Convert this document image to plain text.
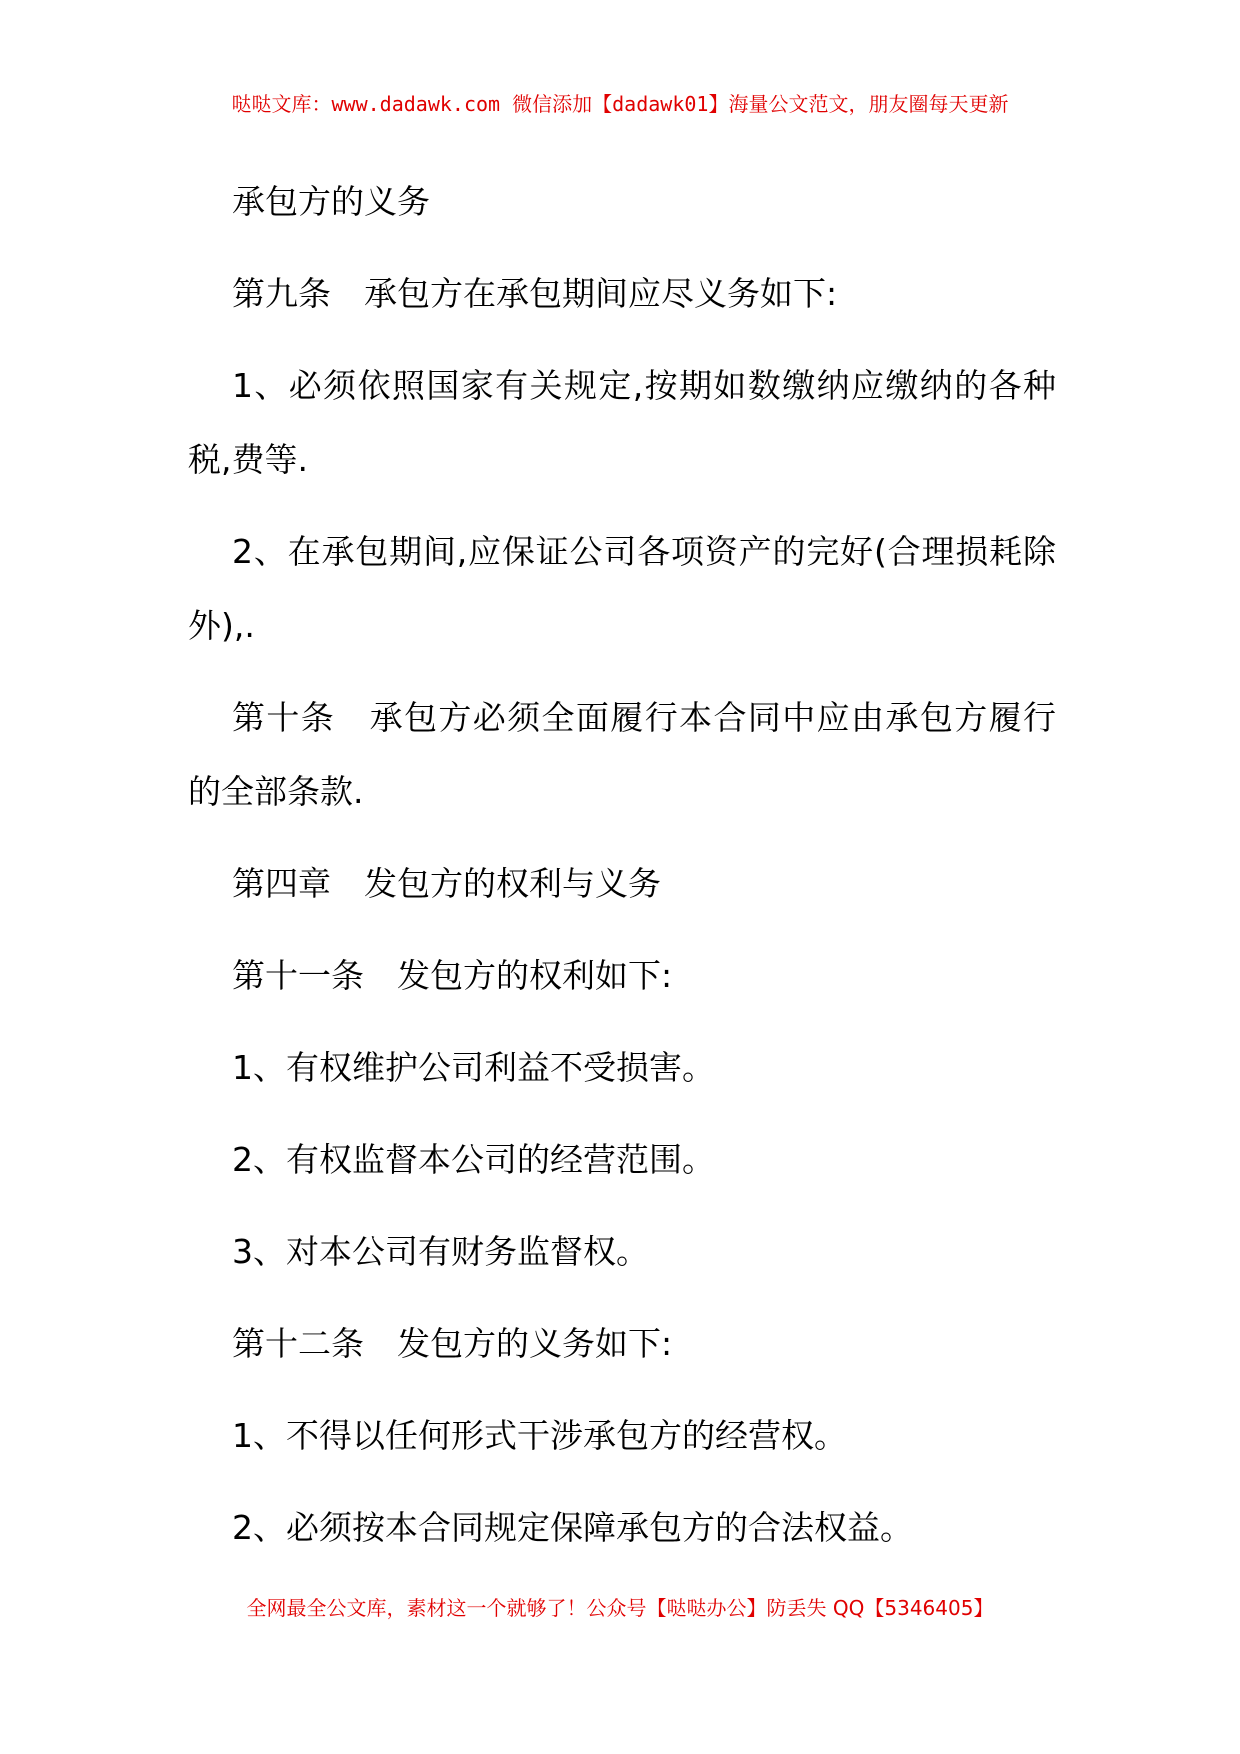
哒哒文库：www.dadawk.com 微信添加【dadawk01】海量公文范文，朋友圈每天更新

承包方的义务

第九条　承包方在承包期间应尽义务如下:

1、必须依照国家有关规定,按期如数缴纳应缴纳的各种税,费等.

2、在承包期间,应保证公司各项资产的完好(合理损耗除外),.

第十条　承包方必须全面履行本合同中应由承包方履行的全部条款.

第四章　发包方的权利与义务

第十一条　发包方的权利如下:

1、有权维护公司利益不受损害。

2、有权监督本公司的经营范围。

3、对本公司有财务监督权。

第十二条　发包方的义务如下:

1、不得以任何形式干涉承包方的经营权。

2、必须按本合同规定保障承包方的合法权益。

全网最全公文库，素材这一个就够了！公众号【哒哒办公】防丢失 QQ【5346405】
